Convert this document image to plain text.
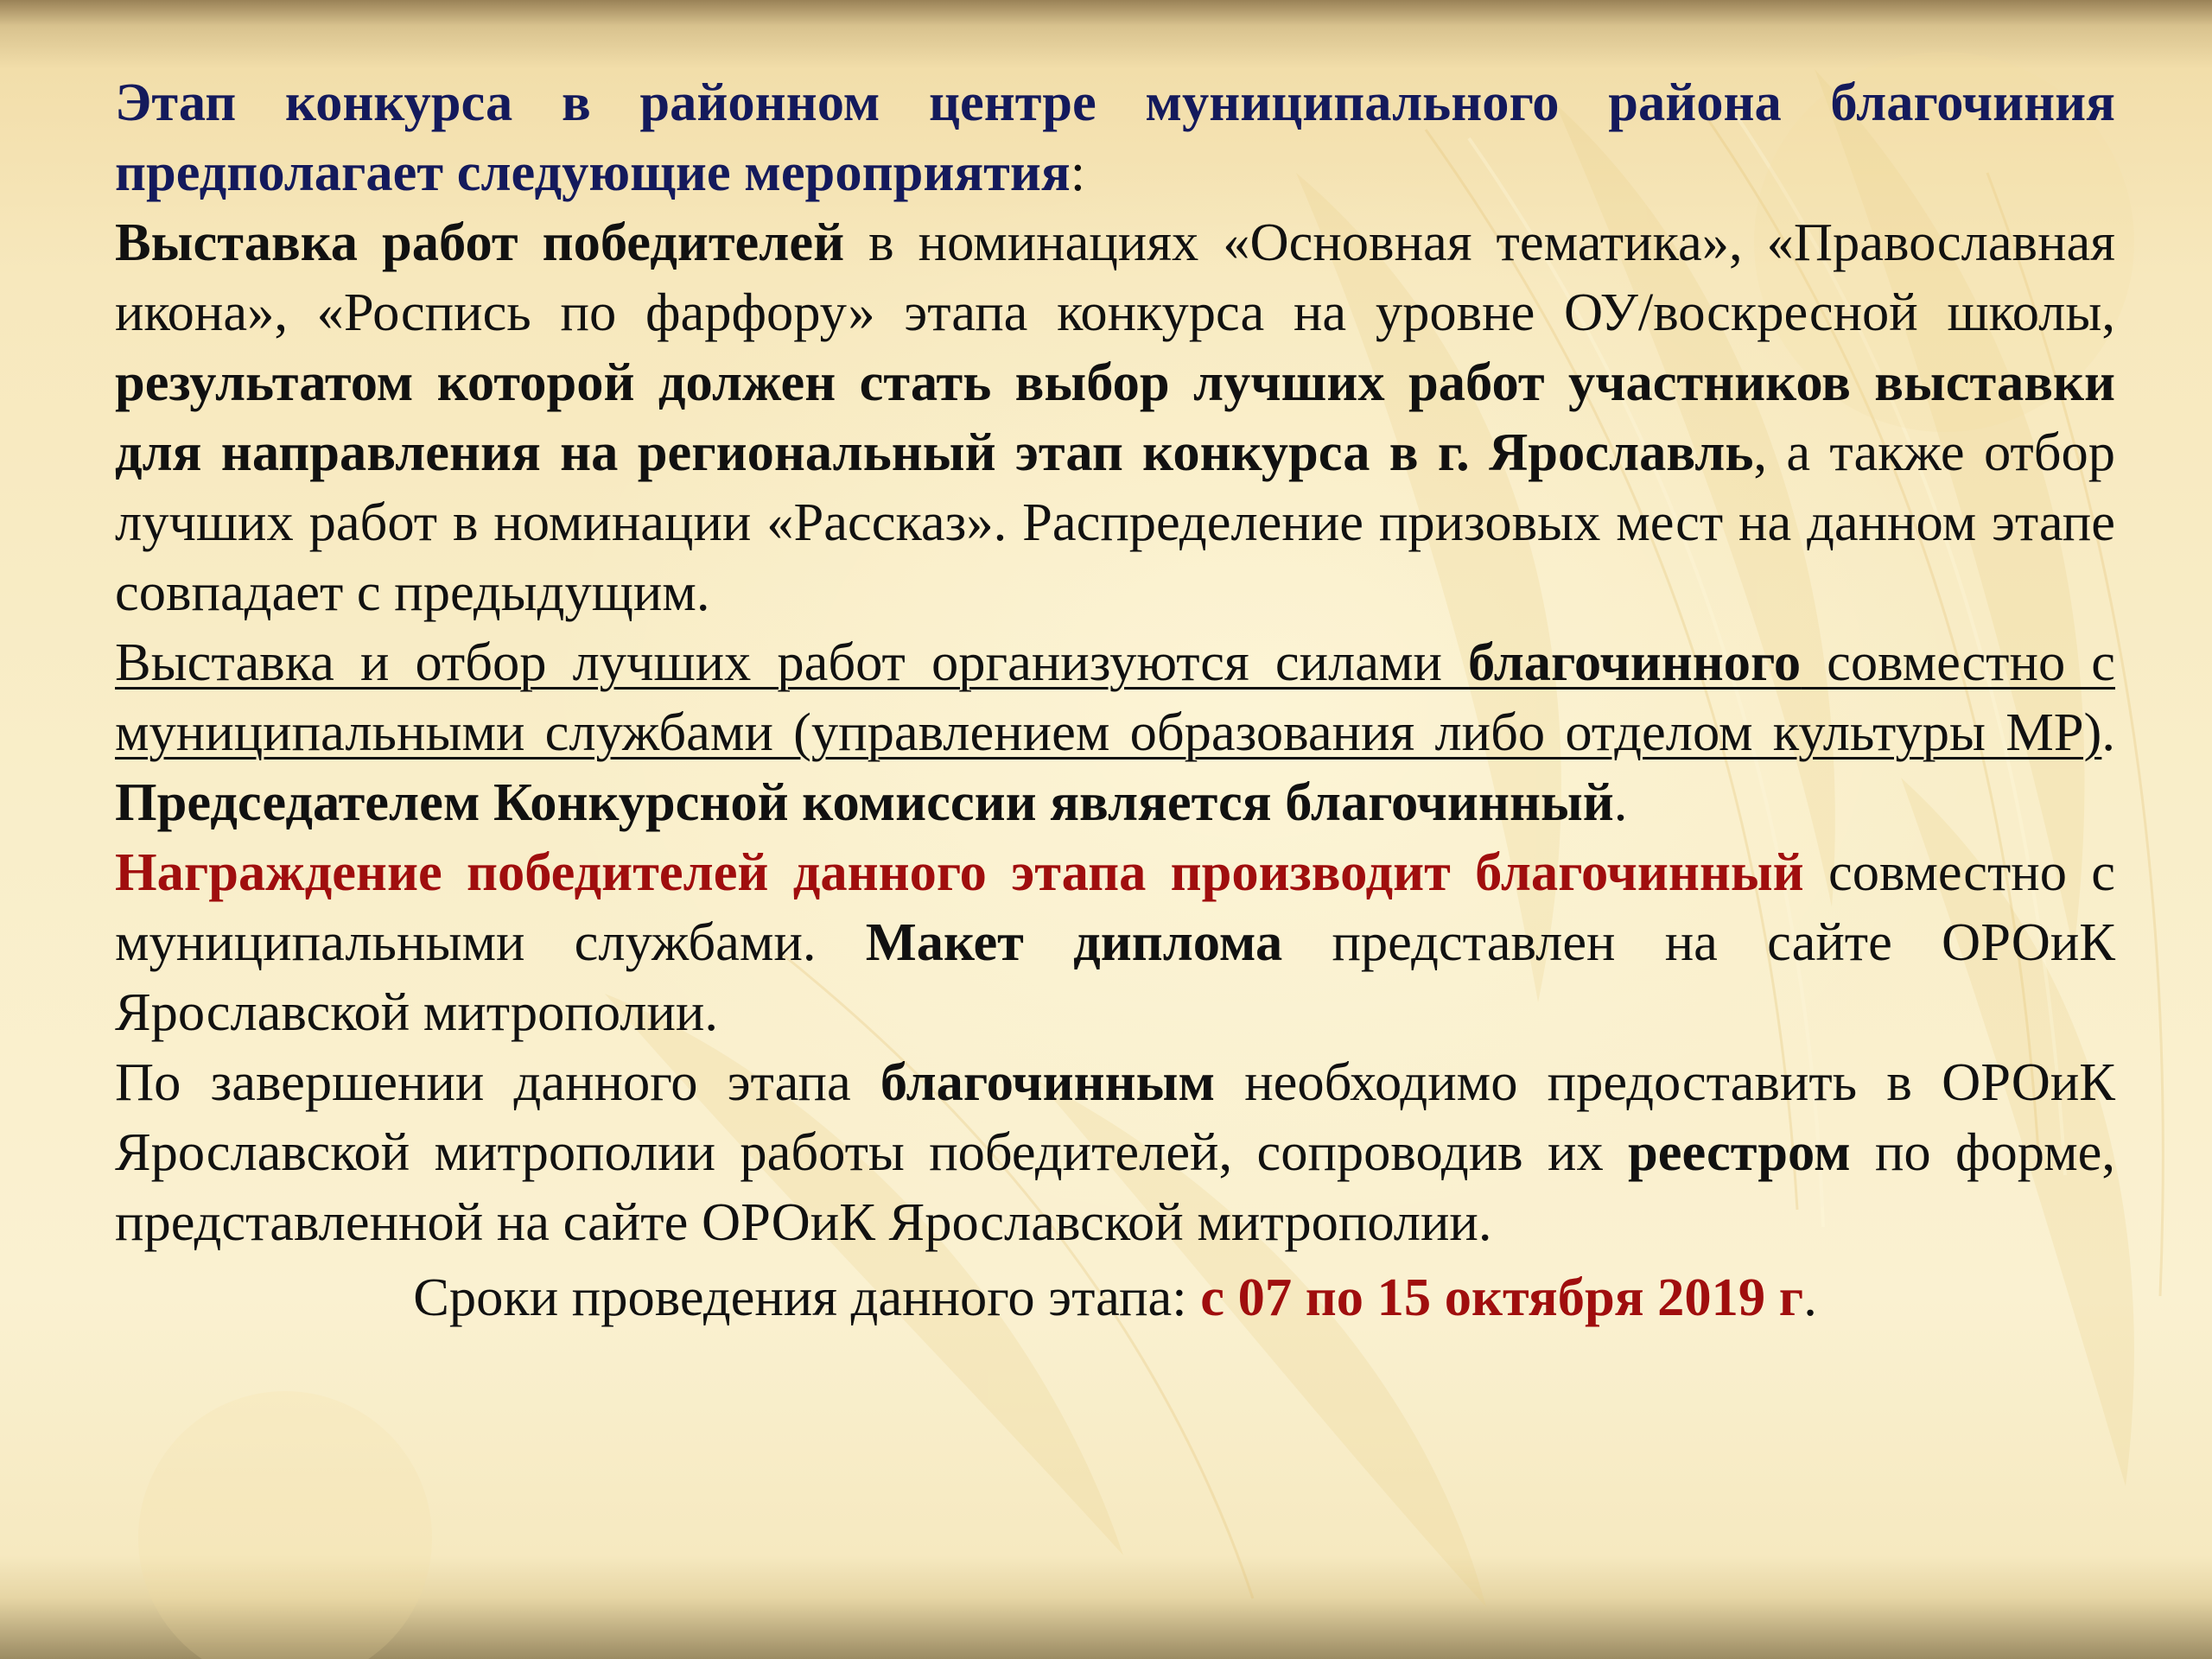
Этап конкурса в районном центре муниципального района благочиния предполагает следующие мероприятия:

Выставка работ победителей в номинациях «Основная тематика», «Православная икона», «Роспись по фарфору» этапа конкурса на уровне ОУ/воскресной школы, результатом которой должен стать выбор лучших работ участников выставки для направления на региональный этап конкурса в г. Ярославль, а также отбор лучших работ в номинации «Рассказ». Распределение призовых мест на данном этапе совпадает с предыдущим.

Выставка и отбор лучших работ организуются силами благочинного совместно с муниципальными службами (управлением образования либо отделом культуры МР). Председателем Конкурсной комиссии является благочинный.

Награждение победителей данного этапа производит благочинный совместно с муниципальными службами. Макет диплома представлен на сайте ОРОиК Ярославской митрополии.

По завершении данного этапа благочинным необходимо предоставить в ОРОиК Ярославской митрополии работы победителей, сопроводив их реестром по форме, представленной на сайте ОРОиК Ярославской митрополии.

Сроки проведения данного этапа: с 07 по 15 октября 2019 г.
